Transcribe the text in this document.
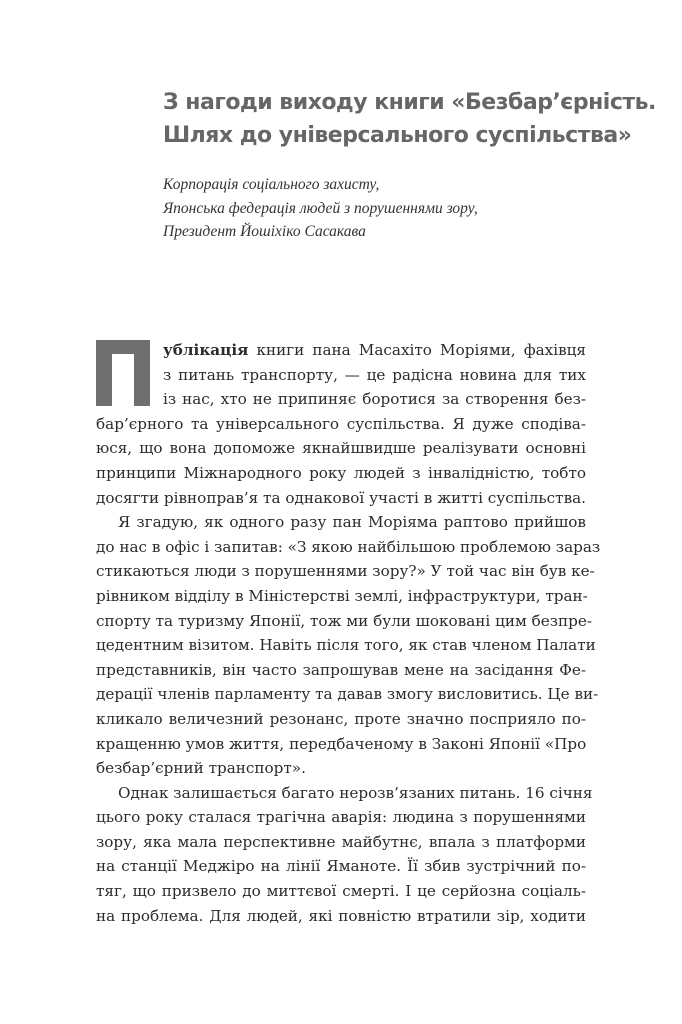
З нагоди виходу книги «Безбар’єрність.
Шлях до універсального суспільства»
Корпорація соціального захисту,
Японська федерація людей з порушеннями зору,
Президент Йошіхіко Сасакава
ублікація книги пана Масахіто Моріями, фахівця
з питань транспорту, — це радісна новина для тих
із нас, хто не припиняє боротися за створення без-
бар’єрного та універсального суспільства. Я дуже сподіва-
юся, що вона допоможе якнайшвидше реалізувати основні
принципи Міжнародного року людей з інвалідністю, тобто
досягти рівноправ’я та однакової участі в житті суспільства.
Я згадую, як одного разу пан Моріяма раптово прийшов
до нас в офіс і запитав: «З якою найбільшою проблемою зараз
стикаються люди з порушеннями зору?» У той час він був ке-
рівником відділу в Міністерстві землі, інфраструктури, тран-
спорту та туризму Японії, тож ми були шоковані цим безпре-
цедентним візитом. Навіть після того, як став членом Палати
представників, він часто запрошував мене на засідання Фе-
дерації членів парламенту та давав змогу висловитись. Це ви-
кликало величезний резонанс, проте значно посприяло по-
кращенню умов життя, передбаченому в Законі Японії «Про
безбар’єрний транспорт».
Однак залишається багато нерозв’язаних питань. 16 січня
цього року сталася трагічна аварія: людина з порушеннями
зору, яка мала перспективне майбутнє, впала з платформи
на станції Меджіро на лінії Яманоте. Її збив зустрічний по-
тяг, що призвело до миттєвої смерті. І це серйозна соціаль-
на проблема. Для людей, які повністю втратили зір, ходити
